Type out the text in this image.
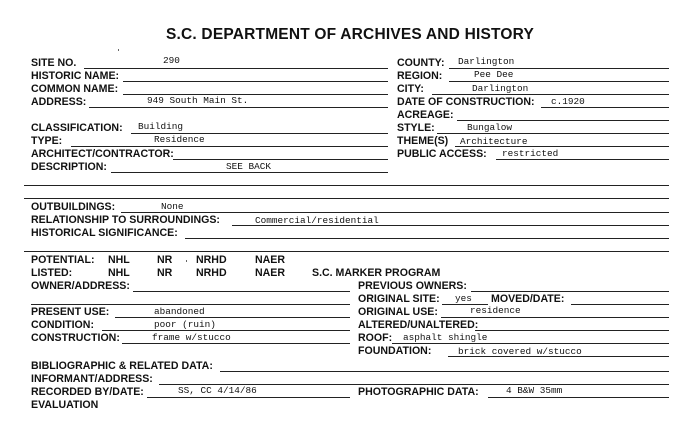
S.C. DEPARTMENT OF ARCHIVES AND HISTORY
SITE NO.	290
HISTORIC NAME:
COMMON NAME:
ADDRESS:	949 South Main St.
CLASSIFICATION: Building
TYPE:	Residence
ARCHITECT/CONTRACTOR:
DESCRIPTION:	SEE BACK
COUNTY: Darlington
REGION:	Pee Dee
CITY:	Darlington
DATE OF CONSTRUCTION: c.1920
ACREAGE:
STYLE:	Bungalow
THEME(S) Architecture
PUBLIC ACCESS: restricted
OUTBUILDINGS:	None
RELATIONSHIP TO SURROUNDINGS:	Commercial/residential
HISTORICAL SIGNIFICANCE:
POTENTIAL: NHL	NR NRHD	NAER
LISTED:	NHL	NR NRHD	NAER	S.C. MARKER PROGRAM
OWNER/ADDRESS:	PREVIOUS OWNERS:
ORIGINAL SITE: yes MOVED/DATE:
PRESENT USE:	abandoned	ORIGINAL USE:	residence
CONDITION:	poor (ruin)	ALTERED/UNALTERED:
CONSTRUCTION:	frame w/stucco	ROOF: asphalt shingle
FOUNDATION:	brick covered w/stucco
BIBLIOGRAPHIC & RELATED DATA:
INFORMANT/ADDRESS:
RECORDED BY/DATE:	SS, CC 4/14/86	PHOTOGRAPHIC DATA:	4 B&W 35mm
EVALUATION
